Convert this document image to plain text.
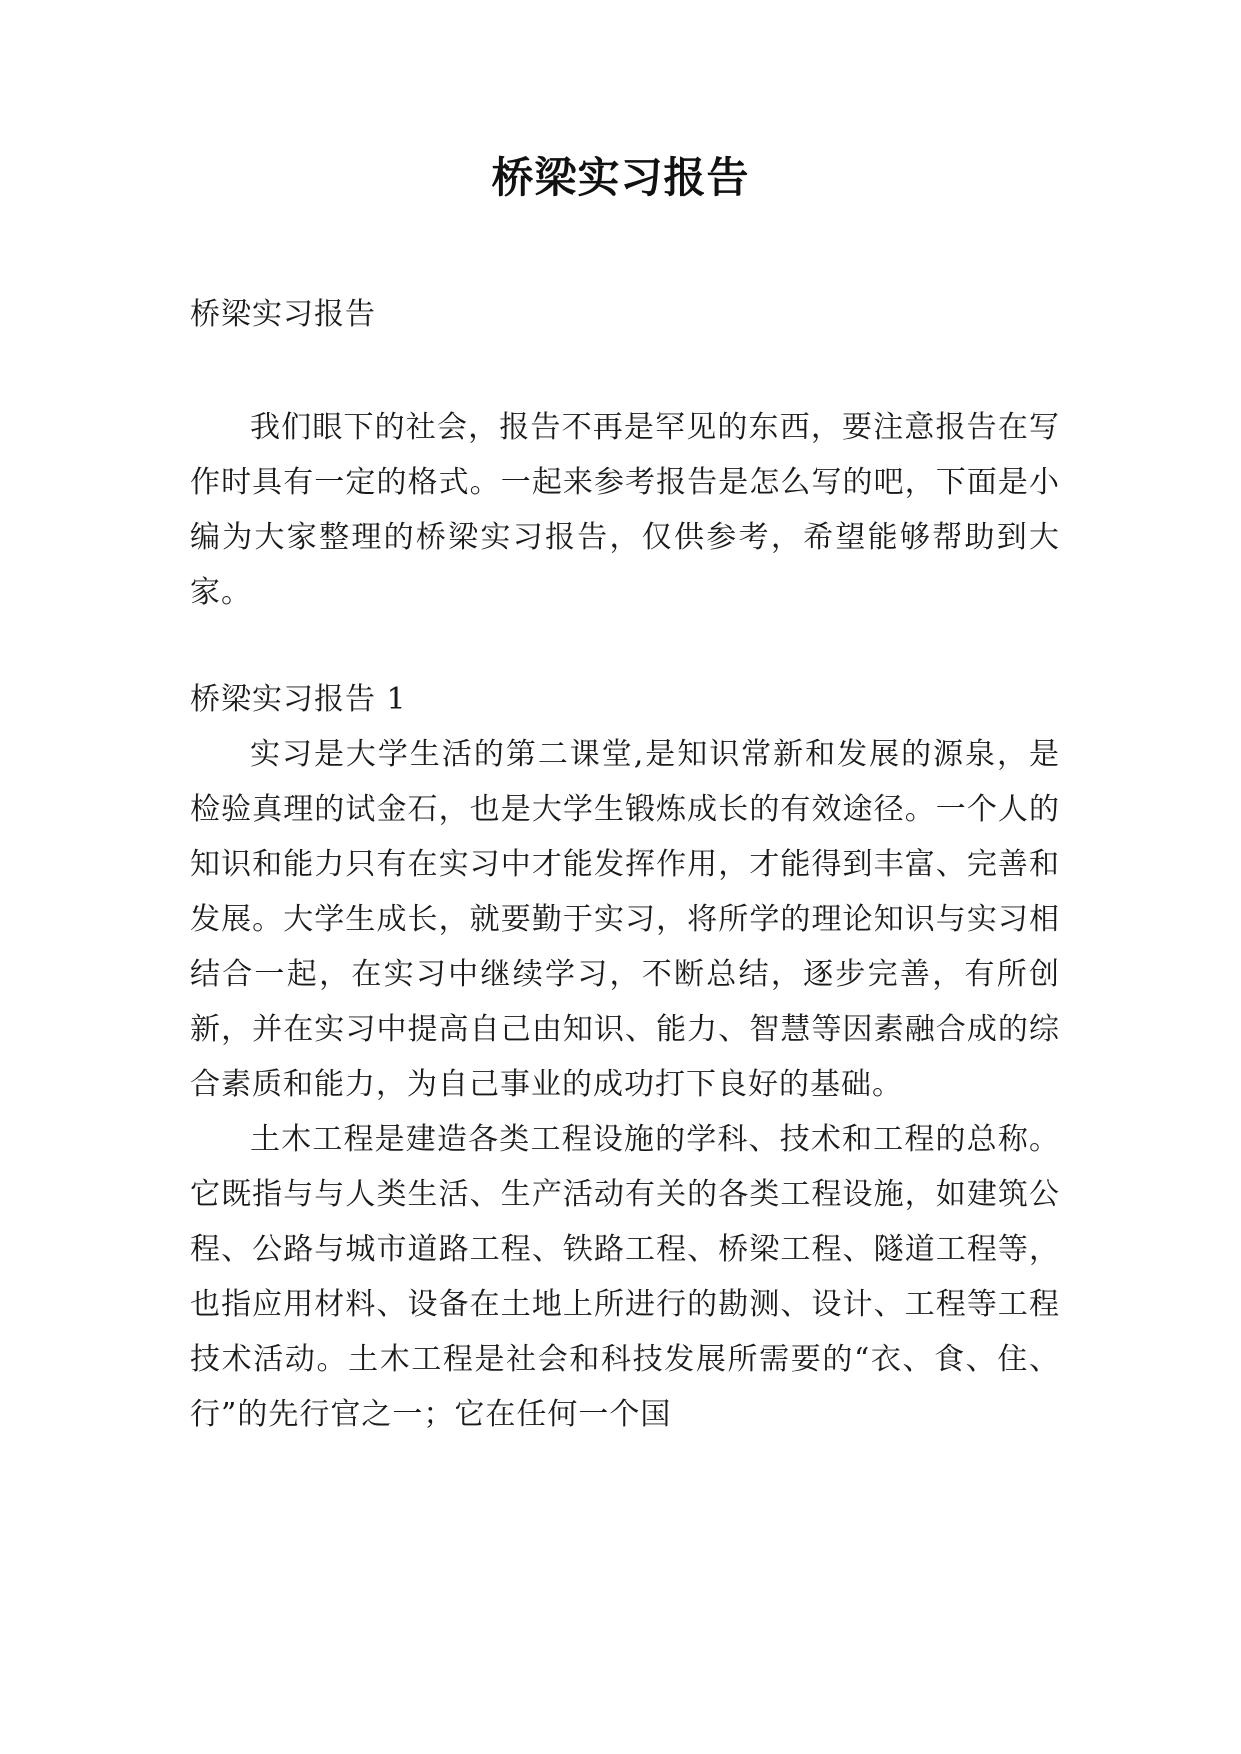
桥梁实习报告

桥梁实习报告

我们眼下的社会，报告不再是罕见的东西，要注意报告在写作时具有一定的格式。一起来参考报告是怎么写的吧，下面是小编为大家整理的桥梁实习报告，仅供参考，希望能够帮助到大家。

桥梁实习报告 1

实习是大学生活的第二课堂,是知识常新和发展的源泉，是检验真理的试金石，也是大学生锻炼成长的有效途径。一个人的知识和能力只有在实习中才能发挥作用，才能得到丰富、完善和发展。大学生成长，就要勤于实习，将所学的理论知识与实习相结合一起，在实习中继续学习，不断总结，逐步完善，有所创新，并在实习中提高自己由知识、能力、智慧等因素融合成的综合素质和能力，为自己事业的成功打下良好的基础。

土木工程是建造各类工程设施的学科、技术和工程的总称。它既指与与人类生活、生产活动有关的各类工程设施，如建筑公程、公路与城市道路工程、铁路工程、桥梁工程、隧道工程等，也指应用材料、设备在土地上所进行的勘测、设计、工程等工程技术活动。土木工程是社会和科技发展所需要的“衣、食、住、行”的先行官之一；它在任何一个国
